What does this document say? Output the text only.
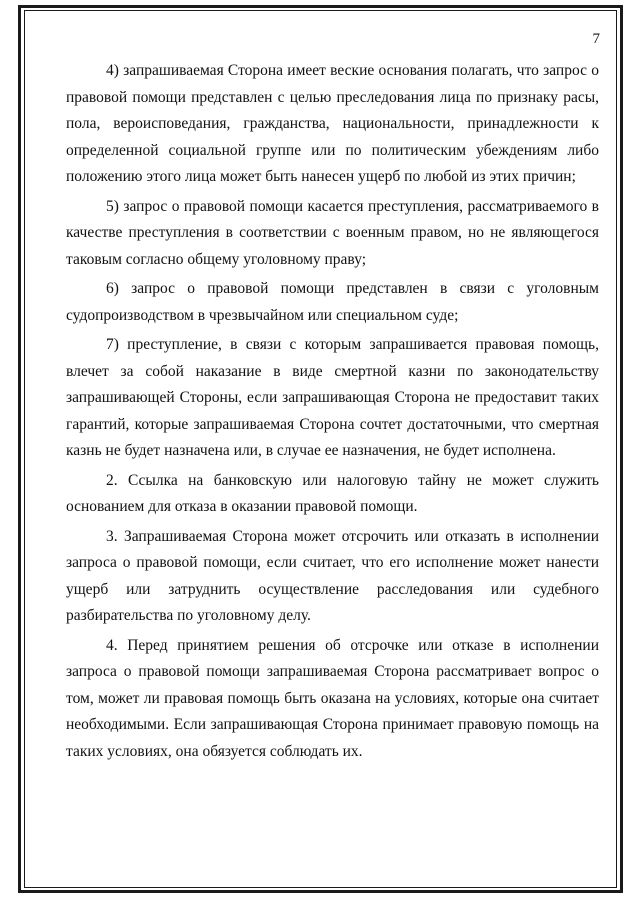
7

4) запрашиваемая Сторона имеет веские основания полагать, что запрос о правовой помощи представлен с целью преследования лица по признаку расы, пола, вероисповедания, гражданства, национальности, принадлежности к определенной социальной группе или по политическим убеждениям либо положению этого лица может быть нанесен ущерб по любой из этих причин;

5) запрос о правовой помощи касается преступления, рассматриваемого в качестве преступления в соответствии с военным правом, но не являющегося таковым согласно общему уголовному праву;

6) запрос о правовой помощи представлен в связи с уголовным судопроизводством в чрезвычайном или специальном суде;

7) преступление, в связи с которым запрашивается правовая помощь, влечет за собой наказание в виде смертной казни по законодательству запрашивающей Стороны, если запрашивающая Сторона не предоставит таких гарантий, которые запрашиваемая Сторона сочтет достаточными, что смертная казнь не будет назначена или, в случае ее назначения, не будет исполнена.

2. Ссылка на банковскую или налоговую тайну не может служить основанием для отказа в оказании правовой помощи.

3. Запрашиваемая Сторона может отсрочить или отказать в исполнении запроса о правовой помощи, если считает, что его исполнение может нанести ущерб или затруднить осуществление расследования или судебного разбирательства по уголовному делу.

4. Перед принятием решения об отсрочке или отказе в исполнении запроса о правовой помощи запрашиваемая Сторона рассматривает вопрос о том, может ли правовая помощь быть оказана на условиях, которые она считает необходимыми. Если запрашивающая Сторона принимает правовую помощь на таких условиях, она обязуется соблюдать их.
